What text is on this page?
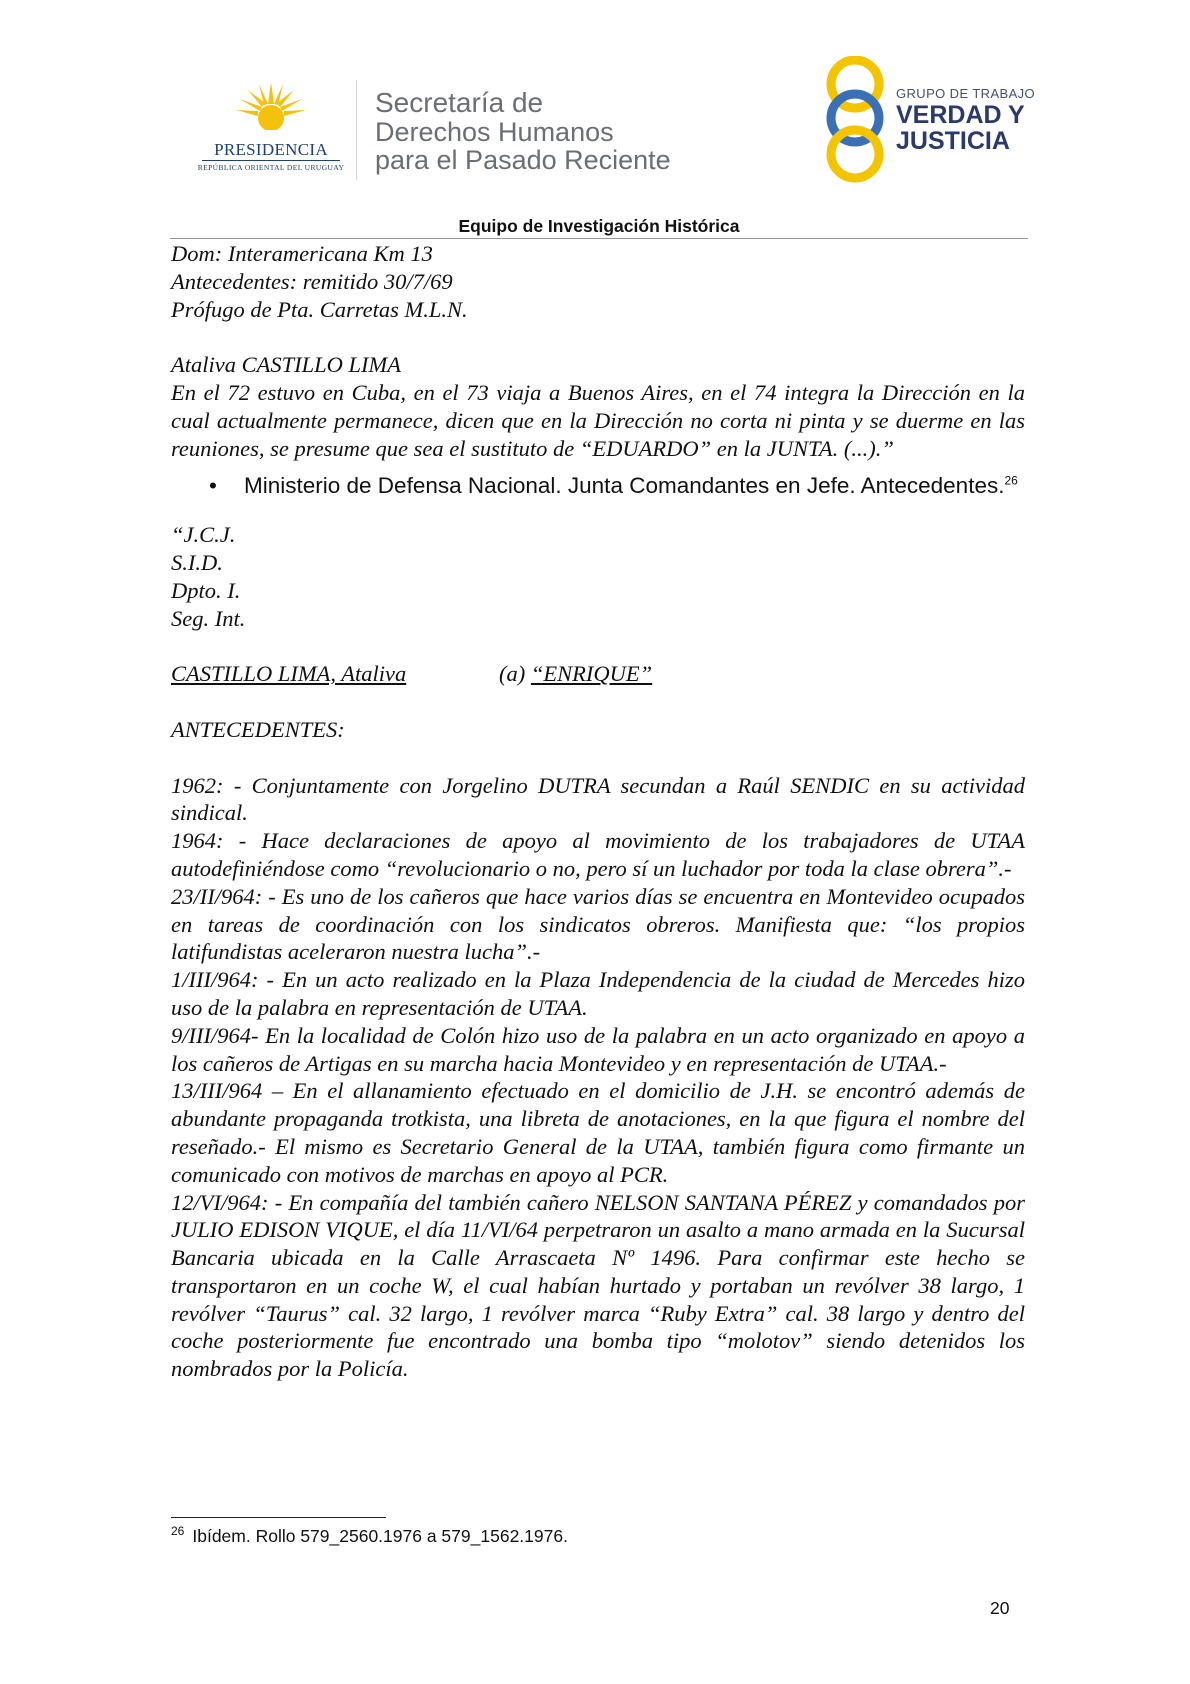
PRESIDENCIA
REPÚBLICA ORIENTAL DEL URUGUAY
Secretaría de
Derechos Humanos
para el Pasado Reciente
GRUPO DE TRABAJO
VERDAD Y
JUSTICIA
Equipo de Investigación Histórica

Dom: Interamericana Km 13

Antecedentes: remitido 30/7/69

Prófugo de Pta. Carretas M.L.N.

Ataliva CASTILLO LIMA

En el 72 estuvo en Cuba, en el 73 viaja a Buenos Aires, en el 74 integra la Dirección en la cual actualmente permanece, dicen que en la Dirección no corta ni pinta y se duerme en las reuniones, se presume que sea el sustituto de “EDUARDO” en la JUNTA. (...).”

• Ministerio de Defensa Nacional. Junta Comandantes en Jefe. Antecedentes.$^{26}$

“J.C.J.

S.I.D.

Dpto. I.

Seg. Int.

CASTILLO LIMA, Ataliva	(a) “ENRIQUE”

ANTECEDENTES:

1962: - Conjuntamente con Jorgelino DUTRA secundan a Raúl SENDIC en su actividad sindical.

1964: - Hace declaraciones de apoyo al movimiento de los trabajadores de UTAA autodefiniéndose como “revolucionario o no, pero sí un luchador por toda la clase obrera”.-

23/II/964: - Es uno de los cañeros que hace varios días se encuentra en Montevideo ocupados en tareas de coordinación con los sindicatos obreros. Manifiesta que: “los propios latifundistas aceleraron nuestra lucha”.-

1/III/964: - En un acto realizado en la Plaza Independencia de la ciudad de Mercedes hizo uso de la palabra en representación de UTAA.

9/III/964- En la localidad de Colón hizo uso de la palabra en un acto organizado en apoyo a los cañeros de Artigas en su marcha hacia Montevideo y en representación de UTAA.-

13/III/964 – En el allanamiento efectuado en el domicilio de J.H. se encontró además de abundante propaganda trotkista, una libreta de anotaciones, en la que figura el nombre del reseñado.- El mismo es Secretario General de la UTAA, también figura como firmante un comunicado con motivos de marchas en apoyo al PCR.

12/VI/964: - En compañía del también cañero NELSON SANTANA PÉREZ y comandados por JULIO EDISON VIQUE, el día 11/VI/64 perpetraron un asalto a mano armada en la Sucursal Bancaria ubicada en la Calle Arrascaeta Nº 1496. Para confirmar este hecho se transportaron en un coche W, el cual habían hurtado y portaban un revólver 38 largo, 1 revólver “Taurus” cal. 32 largo, 1 revólver marca “Ruby Extra” cal. 38 largo y dentro del coche posteriormente fue encontrado una bomba tipo “molotov” siendo detenidos los nombrados por la Policía.

$^{26}$ Ibídem. Rollo 579_2560.1976 a 579_1562.1976.
20
